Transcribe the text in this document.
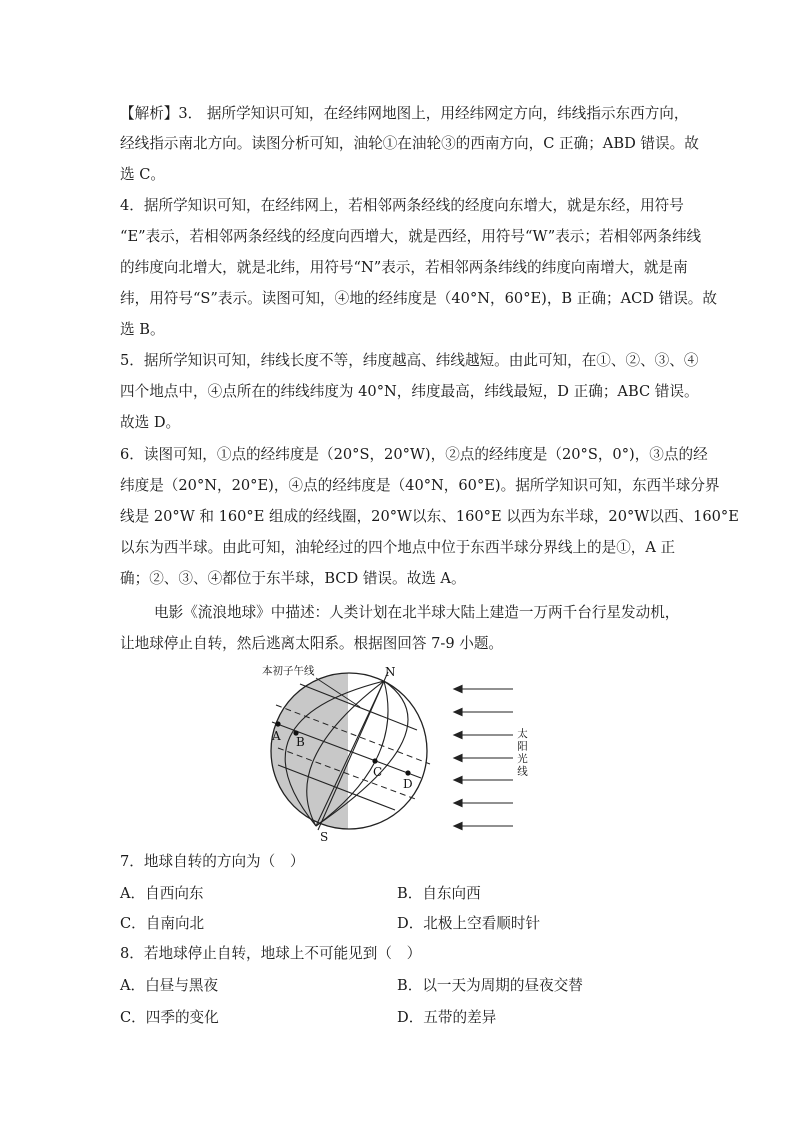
【解析】3． 据所学知识可知，在经纬网地图上，用经纬网定方向，纬线指示东西方向，
经线指示南北方向。读图分析可知，油轮①在油轮③的西南方向，C 正确；ABD 错误。故
选 C。
4．据所学知识可知，在经纬网上，若相邻两条经线的经度向东增大，就是东经，用符号
“E”表示，若相邻两条经线的经度向西增大，就是西经，用符号“W”表示；若相邻两条纬线
的纬度向北增大，就是北纬，用符号“N”表示，若相邻两条纬线的纬度向南增大，就是南
纬，用符号“S”表示。读图可知，④地的经纬度是（40°N，60°E)，B 正确；ACD 错误。故
选 B。
5．据所学知识可知，纬线长度不等，纬度越高、纬线越短。由此可知，在①、②、③、④
四个地点中，④点所在的纬线纬度为 40°N，纬度最高，纬线最短，D 正确；ABC 错误。
故选 D。
6．读图可知，①点的经纬度是（20°S，20°W)，②点的经纬度是（20°S，0°)，③点的经
纬度是（20°N，20°E)，④点的经纬度是（40°N，60°E)。据所学知识可知，东西半球分界
线是 20°W 和 160°E 组成的经线圈，20°W以东、160°E 以西为东半球，20°W以西、160°E
以东为西半球。由此可知，油轮经过的四个地点中位于东西半球分界线上的是①，A 正
确；②、③、④都位于东半球，BCD 错误。故选 A。
电影《流浪地球》中描述：人类计划在北半球大陆上建造一万两千台行星发动机，
让地球停止自转，然后逃离太阳系。根据图回答 7-9 小题。
本初子午线	N
S
A B
C
D
太阳光线
7．地球自转的方向为（　）
A．自西向东	B．自东向西
C．自南向北	D．北极上空看顺时针
8．若地球停止自转，地球上不可能见到（　）
A．白昼与黑夜	B．以一天为周期的昼夜交替
C．四季的变化	D．五带的差异
